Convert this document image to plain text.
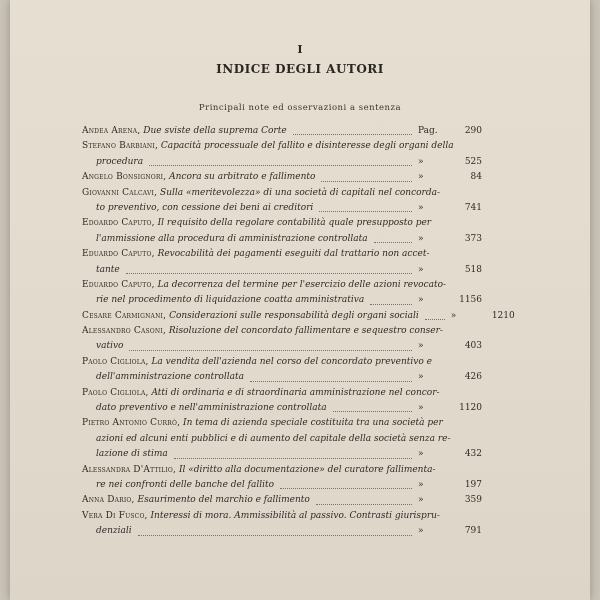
I
INDICE DEGLI AUTORI
Principali note ed osservazioni a sentenza
Andea Arena, Due sviste della suprema Corte	Pag.	290
Stefano Barbiani, Capacità processuale del fallito e disinteresse degli organi della
procedura	»	525
Angelo Bonsignori, Ancora su arbitrato e fallimento	»	84
Giovanni Calcavi, Sulla «meritevolezza» di una società di capitali nel concorda-
to preventivo, con cessione dei beni ai creditori	»	741
Edoardo Caputo, Il requisito della regolare contabilità quale presupposto per
l'ammissione alla procedura di amministrazione controllata	»	373
Eduardo Caputo, Revocabilità dei pagamenti eseguiti dal trattario non accet-
tante	»	518
Eduardo Caputo, La decorrenza del termine per l'esercizio delle azioni revocato-
rie nel procedimento di liquidazione coatta amministrativa	»	1156
Cesare Carmignani, Considerazioni sulle responsabilità degli organi sociali	»	1210
Alessandro Casoni, Risoluzione del concordato fallimentare e sequestro conser-
vativo	»	403
Paolo Cigliola, La vendita dell'azienda nel corso del concordato preventivo e
dell'amministrazione controllata	»	426
Paolo Cigliola, Atti di ordinaria e di straordinaria amministrazione nel concor-
dato preventivo e nell'amministrazione controllata	»	1120
Pietro Antonio Currò, In tema di azienda speciale costituita tra una società per
azioni ed alcuni enti pubblici e di aumento del capitale della società senza re-
lazione di stima	»	432
Alessandra D'Attilio, Il «diritto alla documentazione» del curatore fallimenta-
re nei confronti delle banche del fallito	»	197
Anna Dario, Esaurimento del marchio e fallimento	»	359
Vera Di Fusco, Interessi di mora. Ammissibilità al passivo. Contrasti giurispru-
denziali	»	791
